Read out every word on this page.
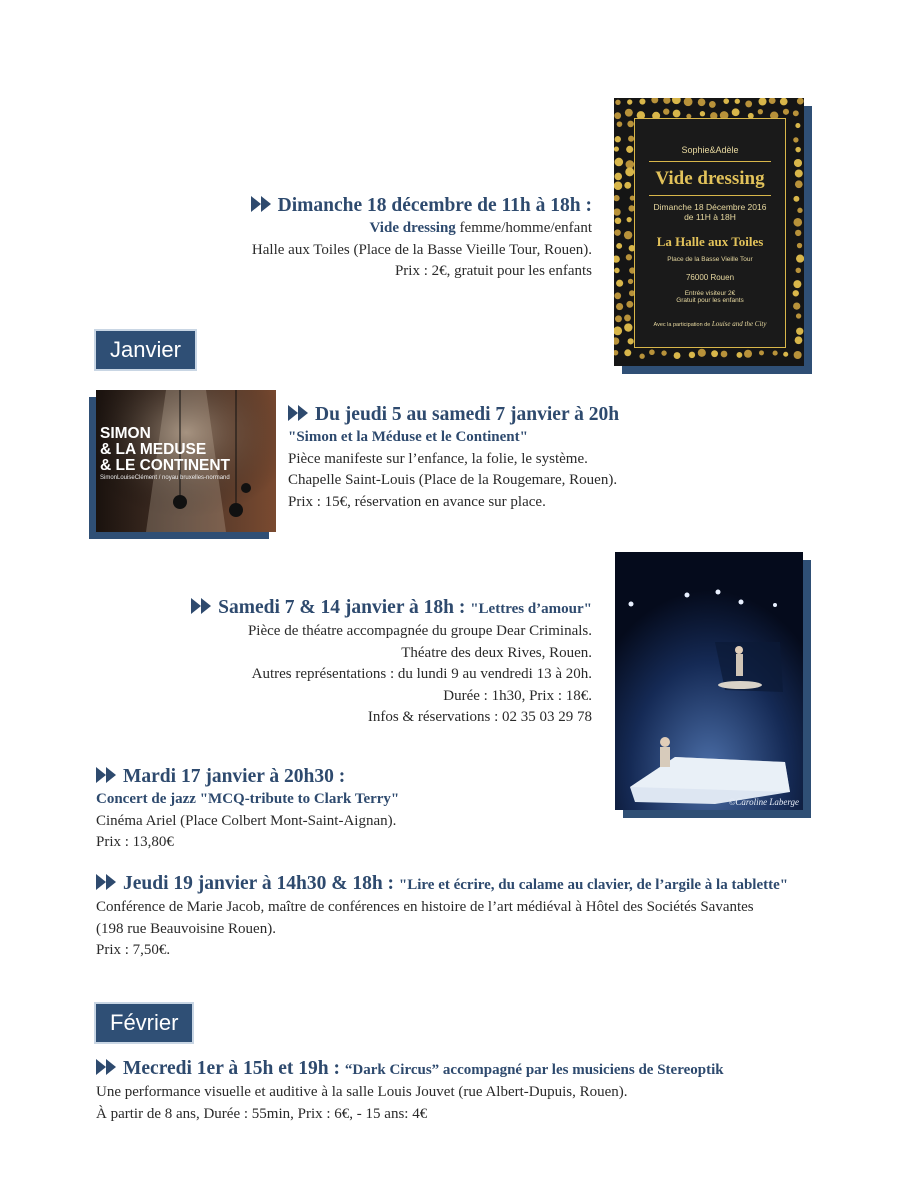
Dimanche 18 décembre de 11h à 18h :
Vide dressing femme/homme/enfant
Halle aux Toiles (Place de la Basse Vieille Tour, Rouen).
Prix : 2€, gratuit pour les enfants
Sophie&Adèle
Vide dressing
Dimanche 18 Décembre 2016
de 11H à 18H
La Halle aux Toiles
Place de la Basse Vieille Tour
76000 Rouen
Entrée visiteur 2€
Gratuit pour les enfants
Avec la participation de Louise and the City
Janvier
SIMON
& LA MEDUSE
& LE CONTINENT
SimonLouiseClément / noyau bruxelles-normand
Du jeudi 5 au samedi 7 janvier à 20h
"Simon et la Méduse et le Continent"
Pièce manifeste sur l’enfance, la folie, le système.
Chapelle Saint-Louis (Place de la Rougemare, Rouen).
Prix : 15€, réservation en avance sur place.
©Caroline Laberge
Samedi 7 & 14 janvier à 18h : "Lettres d’amour"
Pièce de théatre accompagnée du groupe Dear Criminals.
Théatre des deux Rives, Rouen.
Autres représentations : du lundi 9 au vendredi 13 à 20h.
Durée : 1h30, Prix : 18€.
Infos & réservations : 02 35 03 29 78
Mardi 17 janvier à 20h30 :
Concert de jazz "MCQ-tribute to Clark Terry"
Cinéma Ariel (Place Colbert Mont-Saint-Aignan).
Prix : 13,80€
Jeudi 19 janvier à 14h30 & 18h : "Lire et écrire, du calame au clavier, de l’argile à la tablette"
Conférence de Marie Jacob, maître de conférences en histoire de l’art médiéval à Hôtel des Sociétés Savantes
(198 rue Beauvoisine Rouen).
Prix : 7,50€.
Février
Mecredi 1er à 15h et 19h : “Dark Circus” accompagné par les musiciens de Stereoptik
Une performance visuelle et auditive à la salle Louis Jouvet (rue Albert-Dupuis, Rouen).
À partir de 8 ans, Durée : 55min, Prix : 6€, - 15 ans: 4€
